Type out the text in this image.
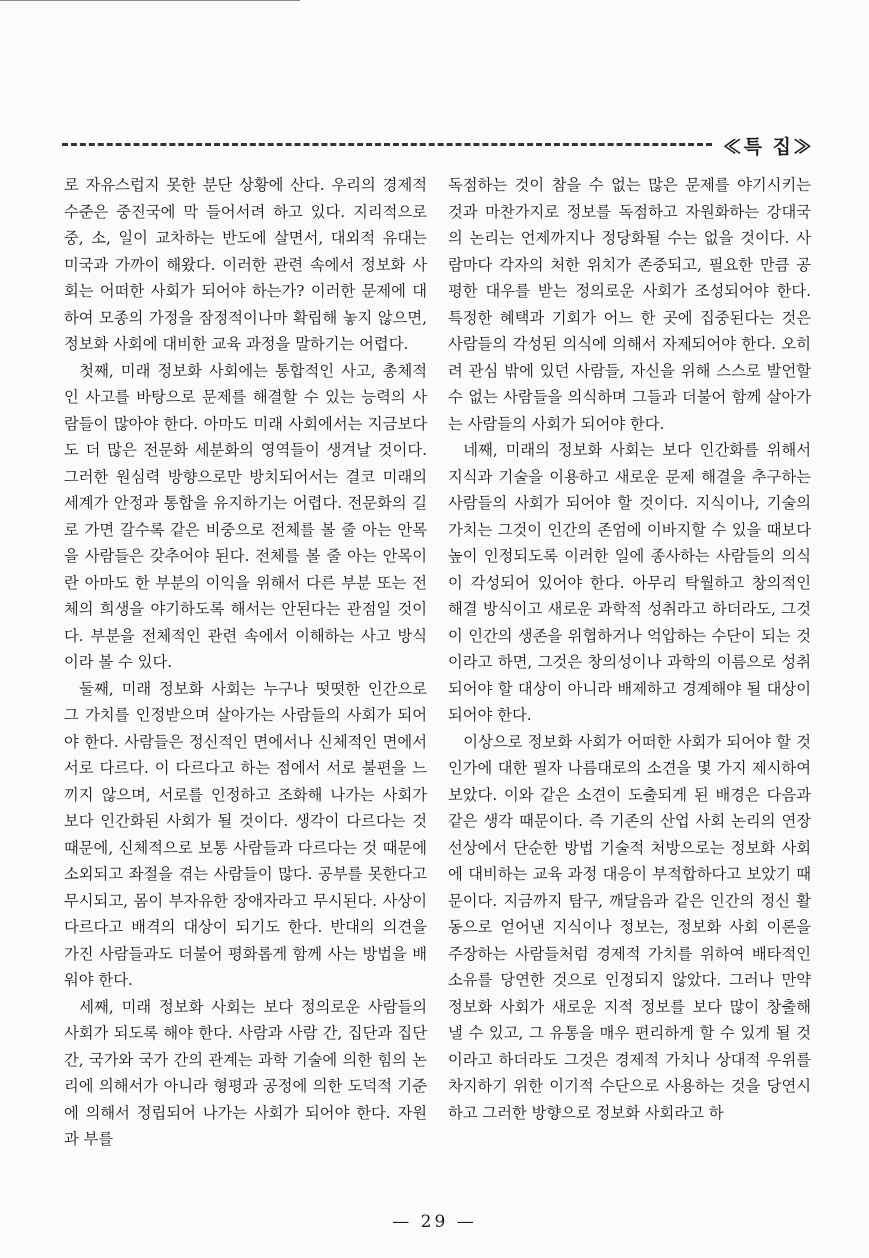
≪특 집≫

로 자유스럽지 못한 분단 상황에 산다. 우리의 경제적 수준은 중진국에 막 들어서려 하고 있다. 지리적으로 중, 소, 일이 교차하는 반도에 살면서, 대외적 유대는 미국과 가까이 해왔다. 이러한 관련 속에서 정보화 사회는 어떠한 사회가 되어야 하는가? 이러한 문제에 대하여 모종의 가정을 잠정적이나마 확립해 놓지 않으면, 정보화 사회에 대비한 교육 과정을 말하기는 어렵다.

첫째, 미래 정보화 사회에는 통합적인 사고, 총체적인 사고를 바탕으로 문제를 해결할 수 있는 능력의 사람들이 많아야 한다. 아마도 미래 사회에서는 지금보다도 더 많은 전문화 세분화의 영역들이 생겨날 것이다. 그러한 원심력 방향으로만 방치되어서는 결코 미래의 세계가 안정과 통합을 유지하기는 어렵다. 전문화의 길로 가면 갈수록 같은 비중으로 전체를 볼 줄 아는 안목을 사람들은 갖추어야 된다. 전체를 볼 줄 아는 안목이란 아마도 한 부분의 이익을 위해서 다른 부분 또는 전체의 희생을 야기하도록 해서는 안된다는 관점일 것이다. 부분을 전체적인 관련 속에서 이해하는 사고 방식이라 볼 수 있다.

둘째, 미래 정보화 사회는 누구나 떳떳한 인간으로 그 가치를 인정받으며 살아가는 사람들의 사회가 되어야 한다. 사람들은 정신적인 면에서나 신체적인 면에서 서로 다르다. 이 다르다고 하는 점에서 서로 불편을 느끼지 않으며, 서로를 인정하고 조화해 나가는 사회가 보다 인간화된 사회가 될 것이다. 생각이 다르다는 것 때문에, 신체적으로 보통 사람들과 다르다는 것 때문에 소외되고 좌절을 겪는 사람들이 많다. 공부를 못한다고 무시되고, 몸이 부자유한 장애자라고 무시된다. 사상이 다르다고 배격의 대상이 되기도 한다. 반대의 의견을 가진 사람들과도 더불어 평화롭게 함께 사는 방법을 배워야 한다.

세째, 미래 정보화 사회는 보다 정의로운 사람들의 사회가 되도록 해야 한다. 사람과 사람 간, 집단과 집단 간, 국가와 국가 간의 관계는 과학 기술에 의한 힘의 논리에 의해서가 아니라 형평과 공정에 의한 도덕적 기준에 의해서 정립되어 나가는 사회가 되어야 한다. 자원과 부를

독점하는 것이 참을 수 없는 많은 문제를 야기시키는 것과 마찬가지로 정보를 독점하고 자원화하는 강대국의 논리는 언제까지나 정당화될 수는 없을 것이다. 사람마다 각자의 처한 위치가 존중되고, 필요한 만큼 공평한 대우를 받는 정의로운 사회가 조성되어야 한다. 특정한 혜택과 기회가 어느 한 곳에 집중된다는 것은 사람들의 각성된 의식에 의해서 자제되어야 한다. 오히려 관심 밖에 있던 사람들, 자신을 위해 스스로 발언할 수 없는 사람들을 의식하며 그들과 더불어 함께 살아가는 사람들의 사회가 되어야 한다.

네째, 미래의 정보화 사회는 보다 인간화를 위해서 지식과 기술을 이용하고 새로운 문제 해결을 추구하는 사람들의 사회가 되어야 할 것이다. 지식이나, 기술의 가치는 그것이 인간의 존엄에 이바지할 수 있을 때보다 높이 인정되도록 이러한 일에 종사하는 사람들의 의식이 각성되어 있어야 한다. 아무리 탁월하고 창의적인 해결 방식이고 새로운 과학적 성취라고 하더라도, 그것이 인간의 생존을 위협하거나 억압하는 수단이 되는 것이라고 하면, 그것은 창의성이나 과학의 이름으로 성취되어야 할 대상이 아니라 배제하고 경계해야 될 대상이 되어야 한다.

이상으로 정보화 사회가 어떠한 사회가 되어야 할 것인가에 대한 필자 나름대로의 소견을 몇 가지 제시하여 보았다. 이와 같은 소견이 도출되게 된 배경은 다음과 같은 생각 때문이다. 즉 기존의 산업 사회 논리의 연장선상에서 단순한 방법 기술적 처방으로는 정보화 사회에 대비하는 교육 과정 대응이 부적합하다고 보았기 때문이다. 지금까지 탐구, 깨달음과 같은 인간의 정신 활동으로 얻어낸 지식이나 정보는, 정보화 사회 이론을 주장하는 사람들처럼 경제적 가치를 위하여 배타적인 소유를 당연한 것으로 인정되지 않았다. 그러나 만약 정보화 사회가 새로운 지적 정보를 보다 많이 창출해 낼 수 있고, 그 유통을 매우 편리하게 할 수 있게 될 것이라고 하더라도 그것은 경제적 가치나 상대적 우위를 차지하기 위한 이기적 수단으로 사용하는 것을 당연시하고 그러한 방향으로 정보화 사회라고 하

— 29 —
